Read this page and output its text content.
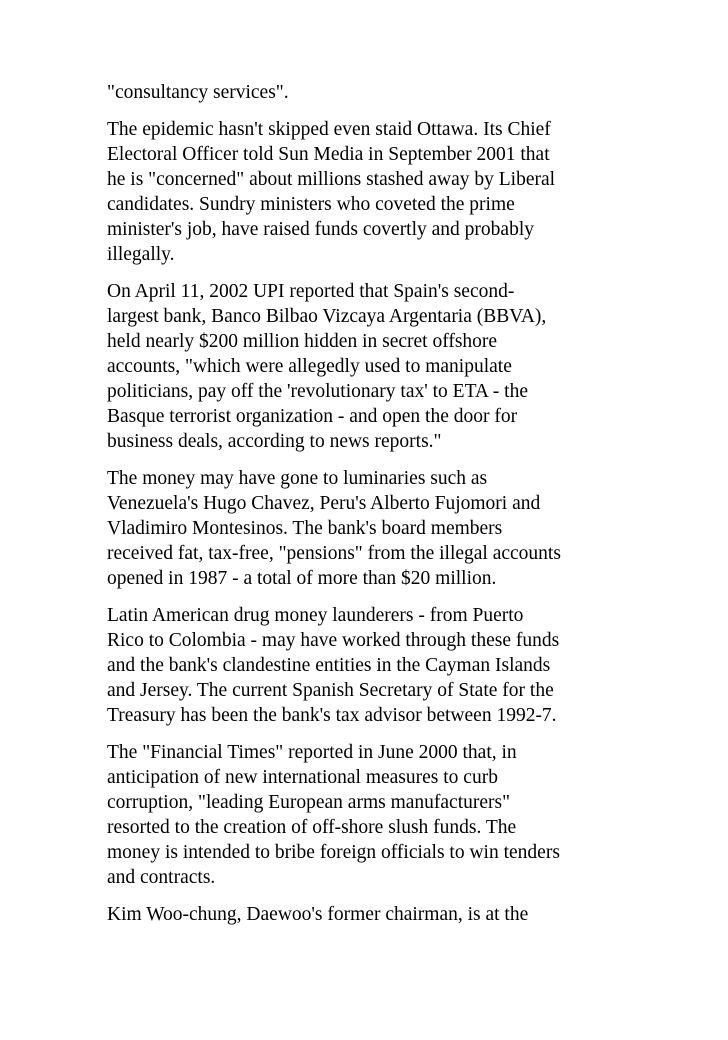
"consultancy services".

The epidemic hasn't skipped even staid Ottawa. Its Chief
Electoral Officer told Sun Media in September 2001 that
he is "concerned" about millions stashed away by Liberal
candidates. Sundry ministers who coveted the prime
minister's job, have raised funds covertly and probably
illegally.

On April 11, 2002 UPI reported that Spain's second-
largest bank, Banco Bilbao Vizcaya Argentaria (BBVA),
held nearly $200 million hidden in secret offshore
accounts, "which were allegedly used to manipulate
politicians, pay off the 'revolutionary tax' to ETA - the
Basque terrorist organization - and open the door for
business deals, according to news reports."

The money may have gone to luminaries such as
Venezuela's Hugo Chavez, Peru's Alberto Fujomori and
Vladimiro Montesinos. The bank's board members
received fat, tax-free, "pensions" from the illegal accounts
opened in 1987 - a total of more than $20 million.

Latin American drug money launderers - from Puerto
Rico to Colombia - may have worked through these funds
and the bank's clandestine entities in the Cayman Islands
and Jersey. The current Spanish Secretary of State for the
Treasury has been the bank's tax advisor between 1992-7.

The "Financial Times" reported in June 2000 that, in
anticipation of new international measures to curb
corruption, "leading European arms manufacturers"
resorted to the creation of off-shore slush funds. The
money is intended to bribe foreign officials to win tenders
and contracts.

Kim Woo-chung, Daewoo's former chairman, is at the
